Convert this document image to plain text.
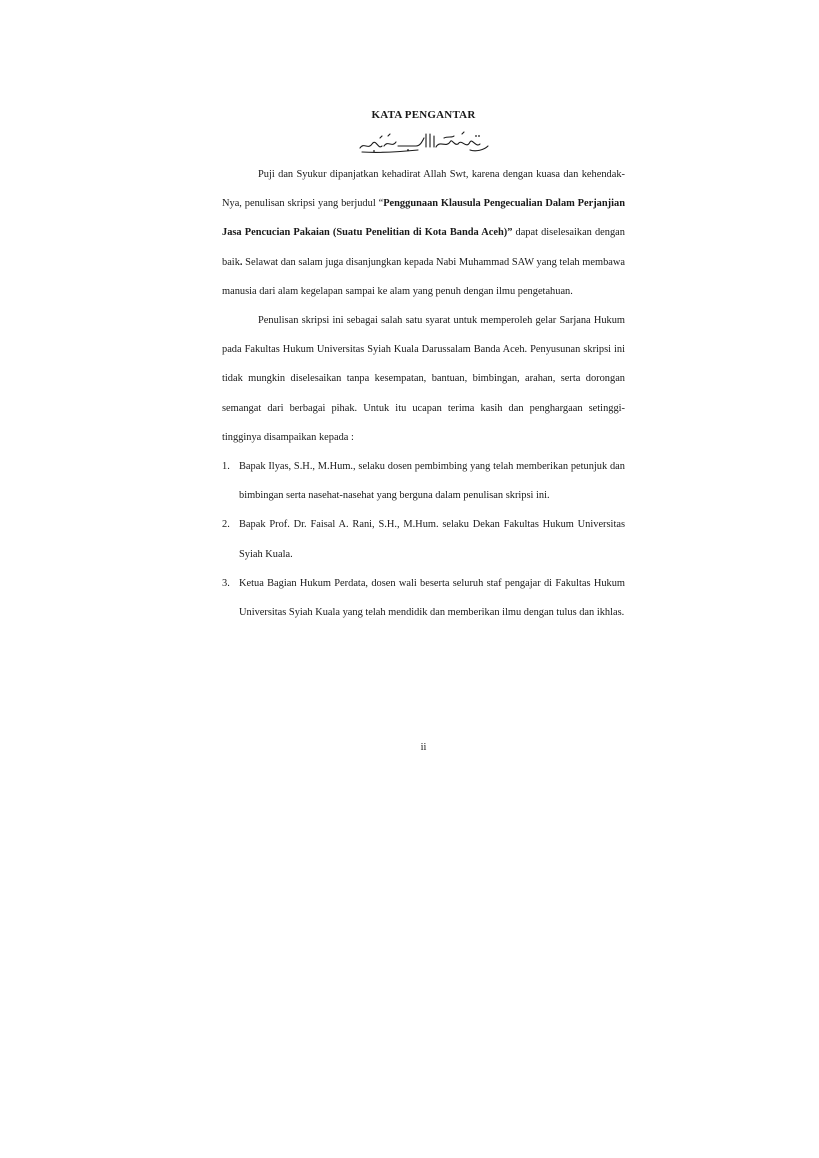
KATA PENGANTAR

Puji dan Syukur dipanjatkan kehadirat Allah Swt, karena dengan kuasa dan kehendak-Nya, penulisan skripsi yang berjudul “Penggunaan Klausula Pengecualian Dalam Perjanjian Jasa Pencucian Pakaian (Suatu Penelitian di Kota Banda Aceh)” dapat diselesaikan dengan baik. Selawat dan salam juga disanjungkan kepada Nabi Muhammad SAW yang telah membawa manusia dari alam kegelapan sampai ke alam yang penuh dengan ilmu pengetahuan.

Penulisan skripsi ini sebagai salah satu syarat untuk memperoleh gelar Sarjana Hukum pada Fakultas Hukum Universitas Syiah Kuala Darussalam Banda Aceh. Penyusunan skripsi ini tidak mungkin diselesaikan tanpa kesempatan, bantuan, bimbingan, arahan, serta dorongan semangat dari berbagai pihak. Untuk itu ucapan terima kasih dan penghargaan setinggi-tingginya disampaikan kepada :

1. Bapak Ilyas, S.H., M.Hum., selaku dosen pembimbing yang telah memberikan petunjuk dan bimbingan serta nasehat-nasehat yang berguna dalam penulisan skripsi ini.
2. Bapak Prof. Dr. Faisal A. Rani, S.H., M.Hum. selaku Dekan Fakultas Hukum Universitas Syiah Kuala.
3. Ketua Bagian Hukum Perdata, dosen wali beserta seluruh staf pengajar di Fakultas Hukum Universitas Syiah Kuala yang telah mendidik dan memberikan ilmu dengan tulus dan ikhlas.
ii
